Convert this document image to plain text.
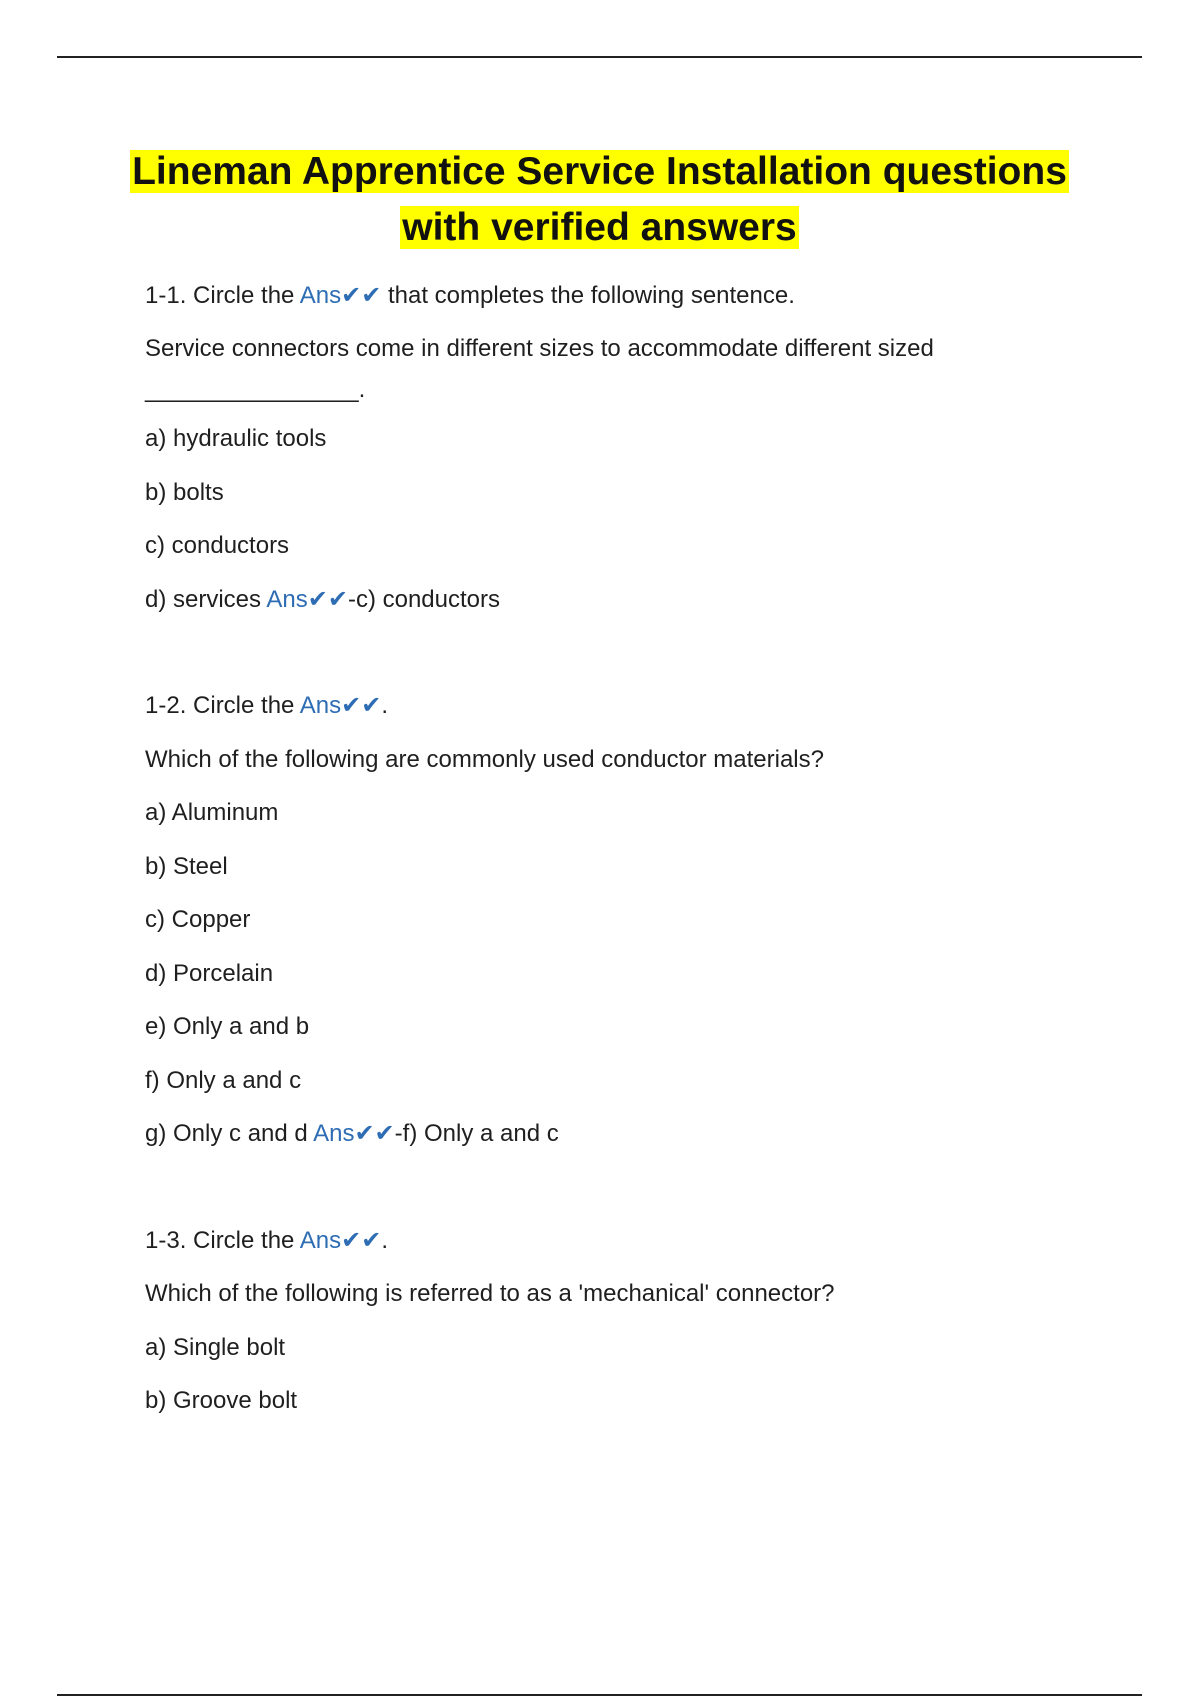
Lineman Apprentice Service Installation questions
with verified answers
1-1. Circle the Ans✔✔ that completes the following sentence.
Service connectors come in different sizes to accommodate different sized
________________.
a) hydraulic tools
b) bolts
c) conductors
d) services Ans✔✔-c) conductors
1-2. Circle the Ans✔✔.
Which of the following are commonly used conductor materials?
a) Aluminum
b) Steel
c) Copper
d) Porcelain
e) Only a and b
f) Only a and c
g) Only c and d Ans✔✔-f) Only a and c
1-3. Circle the Ans✔✔.
Which of the following is referred to as a 'mechanical' connector?
a) Single bolt
b) Groove bolt
